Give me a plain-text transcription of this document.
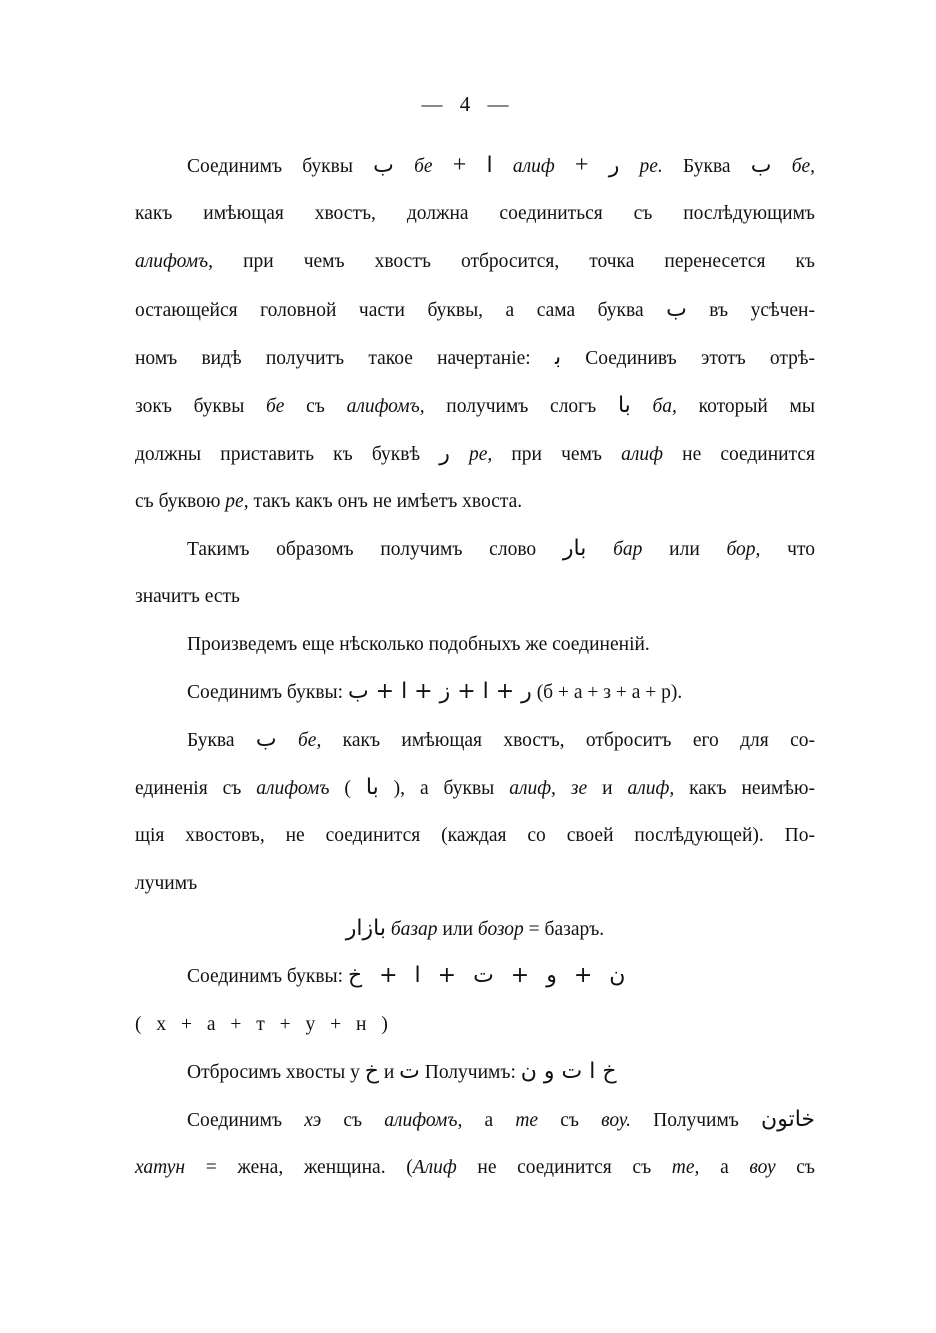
— 4 —
Соединимъ буквы ب бе + ا алиф + ر ре. Буква ب бе,
какъ имѣющая хвостъ, должна соединиться съ послѣдующимъ
алифомъ, при чемъ хвостъ отбросится, точка перенесется къ
остающейся головной части буквы, а сама буква ب въ усѣчен-
номъ видѣ получитъ такое начертаніе: ﺑ Соединивъ этотъ отрѣ-
зокъ буквы бе съ алифомъ, получимъ слогъ با ба, который мы
должны приставить къ буквѣ ر ре, при чемъ алиф не соединится
съ буквою ре, такъ какъ онъ не имѣетъ хвоста.
Такимъ образомъ получимъ слово بار бар или бор, что
значитъ есть
Произведемъ еще нѣсколько подобныхъ же соединеній.
Соединимъ буквы: ر + ا + ز + ا + ب (б + а + з + а + р).
Буква ب бе, какъ имѣющая хвостъ, отброситъ его для со-
единенія съ алифомъ ( با ), а буквы алиф, зе и алиф, какъ неимѣю-
щія хвостовъ, не соединится (каждая со своей послѣдующей). По-
лучимъ
بازار базар или бозор = базаръ.
Соединимъ буквы: ن + و + ت + ا + خ
( х + а + т + у + н )
Отбросимъ хвосты у خ и ت Получимъ: خ ا ت و ن
Соединимъ хэ съ алифомъ, а те съ воу. Получимъ خاتون
хатун = жена, женщина. (Алиф не соединится съ те, а воу съ
